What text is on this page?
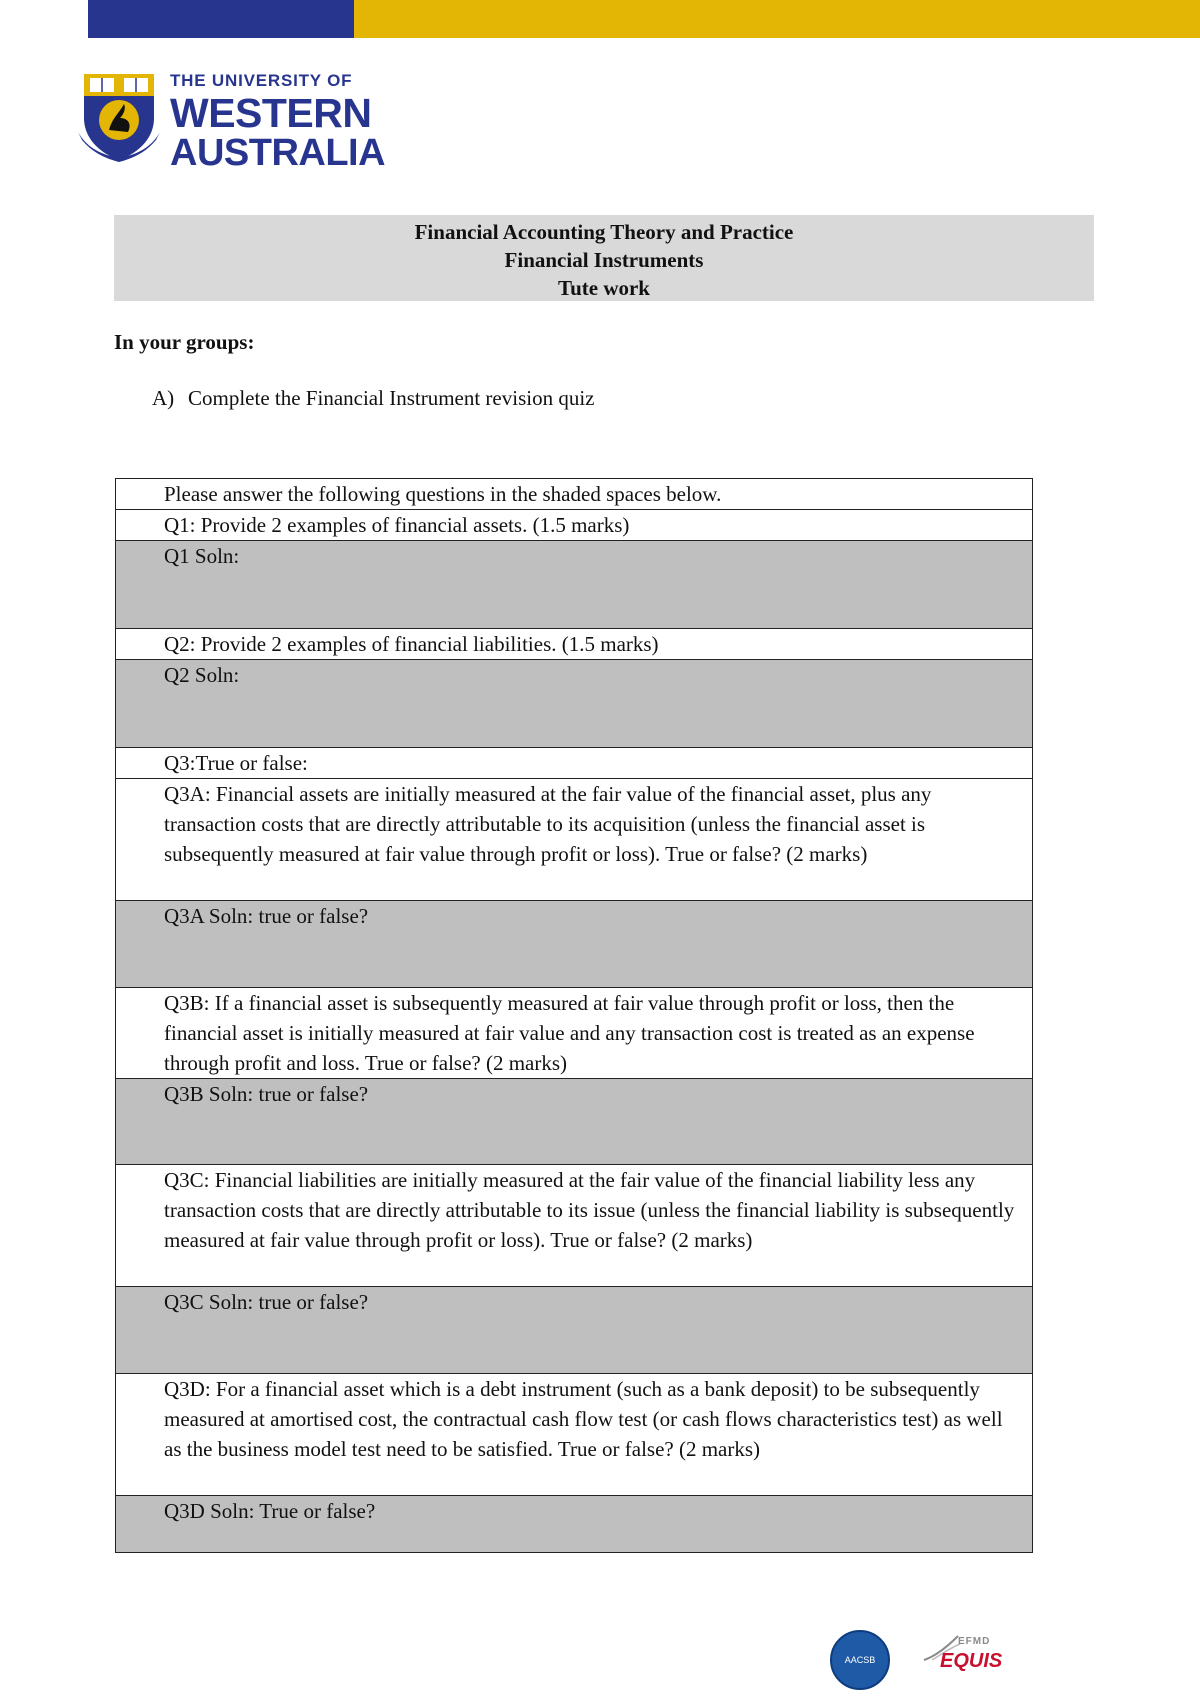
THE UNIVERSITY OF
WESTERN
AUSTRALIA
Financial Accounting Theory and Practice
Financial Instruments
Tute work
In your groups:
A) Complete the Financial Instrument revision quiz
Please answer the following questions in the shaded spaces below.
Q1: Provide 2 examples of financial assets. (1.5 marks)
Q1 Soln:
Q2: Provide 2 examples of financial liabilities. (1.5 marks)
Q2 Soln:
Q3:True or false:
Q3A: Financial assets are initially measured at the fair value of the financial asset, plus any transaction costs that are directly attributable to its acquisition (unless the financial asset is subsequently measured at fair value through profit or loss). True or false? (2 marks)
Q3A Soln: true or false?
Q3B: If a financial asset is subsequently measured at fair value through profit or loss, then the financial asset is initially measured at fair value and any transaction cost is treated as an expense through profit and loss. True or false? (2 marks)
Q3B Soln: true or false?
Q3C: Financial liabilities are initially measured at the fair value of the financial liability less any transaction costs that are directly attributable to its issue (unless the financial liability is subsequently measured at fair value through profit or loss). True or false? (2 marks)
Q3C Soln: true or false?
Q3D: For a financial asset which is a debt instrument (such as a bank deposit) to be subsequently measured at amortised cost, the contractual cash flow test (or cash flows characteristics test) as well as the business model test need to be satisfied. True or false? (2 marks)
Q3D Soln: True or false?
AACSB
EFMD
EQUIS
